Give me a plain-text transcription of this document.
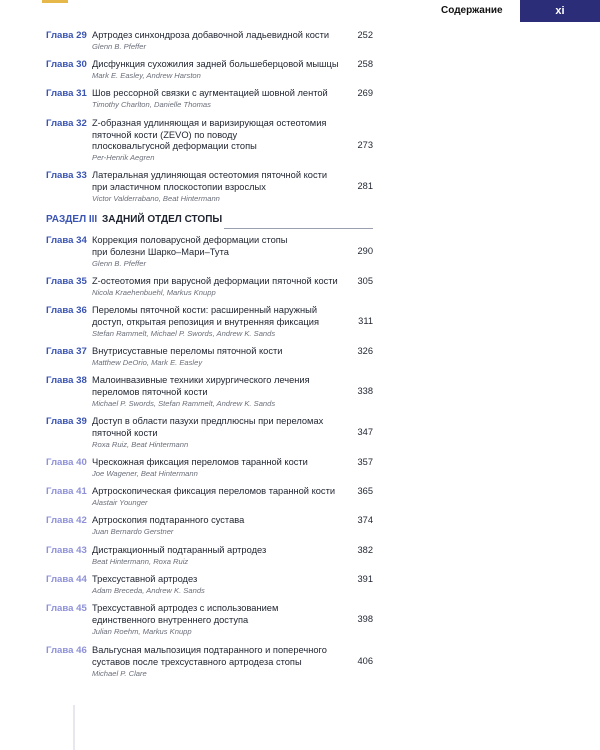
Содержание	xi
РАЗДЕЛ III ЗАДНИЙ ОТДЕЛ СТОПЫ
Глава 29 Артродез синхондроза добавочной ладьевидной кости
Glenn B. Pfeffer
252
Глава 30 Дисфункция сухожилия задней большеберцовой мышцы
Mark E. Easley, Andrew Harston
258
Глава 31 Шов рессорной связки с аугментацией шовной лентой
Timothy Charlton, Danielle Thomas
269
Глава 32 Z-образная удлиняющая и варизирующая остеотомия
пяточной кости (ZEVO) по поводу
плосковальгусной деформации стопы
Per-Henrik Aegren
273
Глава 33 Латеральная удлиняющая остеотомия пяточной кости
при эластичном плоскостопии взрослых
Victor Valderrabano, Beat Hintermann
281
Глава 34 Коррекция половарусной деформации стопы
при болезни Шарко–Мари–Тута
Glenn B. Pfeffer
290
Глава 35 Z-остеотомия при варусной деформации пяточной кости
Nicola Kraehenbuehl, Markus Knupp
305
Глава 36 Переломы пяточной кости: расширенный наружный
доступ, открытая репозиция и внутренняя фиксация
Stefan Rammelt, Michael P. Swords, Andrew K. Sands
311
Глава 37 Внутрисуставные переломы пяточной кости
Matthew DeOrio, Mark E. Easley
326
Глава 38 Малоинвазивные техники хирургического лечения
переломов пяточной кости
Michael P. Swords, Stefan Rammelt, Andrew K. Sands
338
Глава 39 Доступ в области пазухи предплюсны при переломах
пяточной кости
Roxa Ruiz, Beat Hintermann
347
Глава 40 Чрескожная фиксация переломов таранной кости
Joe Wagener, Beat Hintermann
357
Глава 41 Артроскопическая фиксация переломов таранной кости
Alastair Younger
365
Глава 42 Артроскопия подтаранного сустава
Juan Bernardo Gerstner
374
Глава 43 Дистракционный подтаранный артродез
Beat Hintermann, Roxa Ruiz
382
Глава 44 Трехсуставной артродез
Adam Breceda, Andrew K. Sands
391
Глава 45 Трехсуставной артродез с использованием
единственного внутреннего доступа
Julian Roehm, Markus Knupp
398
Глава 46 Вальгусная мальпозиция подтаранного и поперечного
суставов после трехсуставного артродеза стопы
Michael P. Clare
406
